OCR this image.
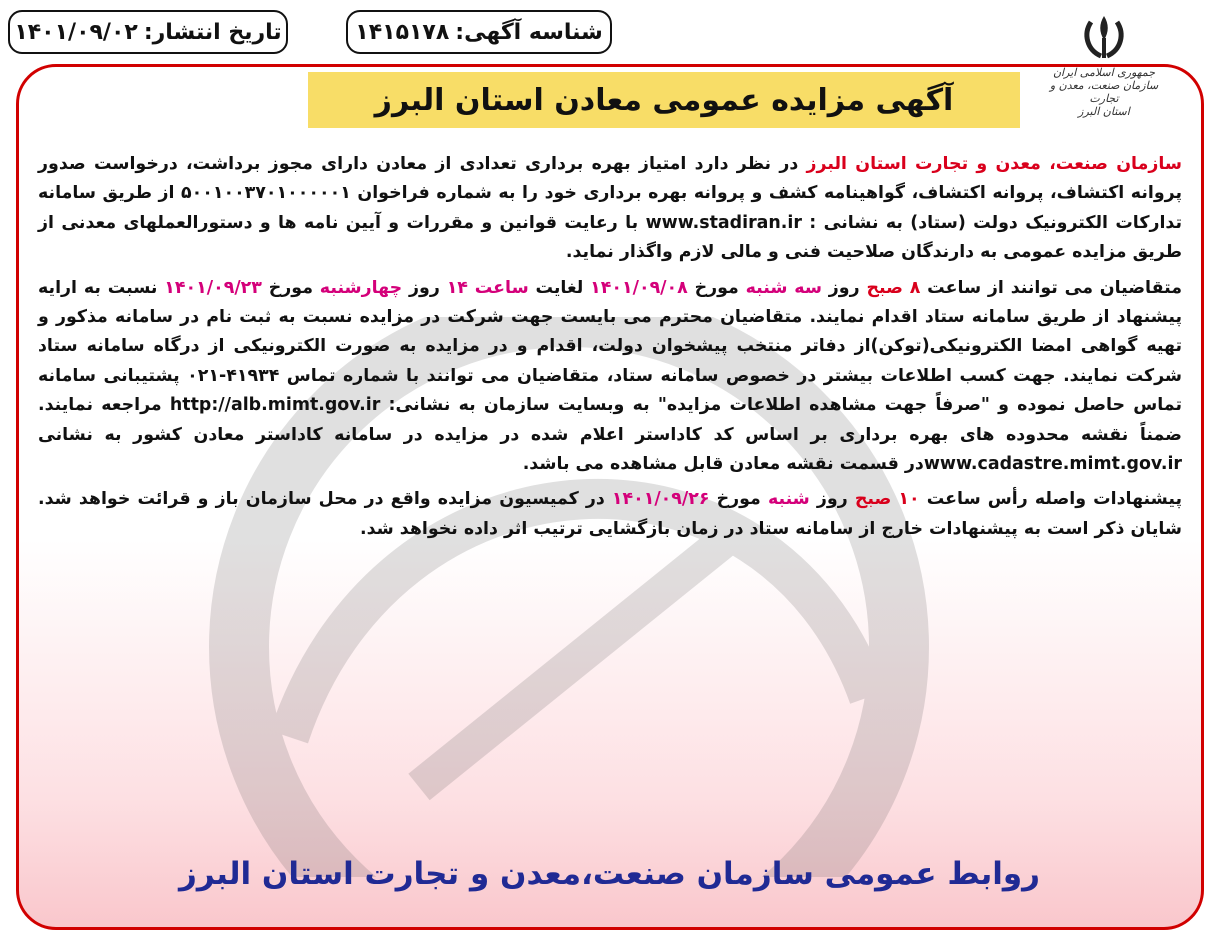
شناسه آگهی:
۱۴۱۵۱۷۸
تاریخ انتشار:
۱۴۰۱/۰۹/۰۲
جمهوری اسلامی ایران
سازمان صنعت، معدن و تجارت
استان البرز
آگهی مزایده عمومی معادن استان البرز

سازمان صنعت، معدن و تجارت استان البرز در نظر دارد امتیاز بهره برداری تعدادی از معادن دارای مجوز برداشت، درخواست صدور پروانه اکتشاف، پروانه اکتشاف، گواهینامه کشف و پروانه بهره برداری خود را به شماره فراخوان ۵۰۰۱۰۰۳۷۰۱۰۰۰۰۰۱ از طریق سامانه تدارکات الکترونیک دولت (ستاد) به نشانی : www.stadiran.ir با رعایت قوانین و مقررات و آیین نامه ها و دستورالعملهای معدنی از طریق مزایده عمومی به دارندگان صلاحیت فنی و مالی لازم واگذار نماید.

متقاضیان می توانند از ساعت ۸ صبح روز سه شنبه مورخ ۱۴۰۱/۰۹/۰۸ لغایت ساعت ۱۴ روز چهارشنبه مورخ ۱۴۰۱/۰۹/۲۳ نسبت به ارایه پیشنهاد از طریق سامانه ستاد اقدام نمایند. متقاضیان محترم می بایست جهت شرکت در مزایده نسبت به ثبت نام در سامانه مذکور و تهیه گواهی امضا الکترونیکی(توکن)از دفاتر منتخب پیشخوان دولت، اقدام و در مزایده به صورت الکترونیکی از درگاه سامانه ستاد شرکت نمایند. جهت کسب اطلاعات بیشتر در خصوص سامانه ستاد، متقاضیان می توانند با شماره تماس ۴۱۹۳۴-۰۲۱ پشتیبانی سامانه تماس حاصل نموده و "صرفاً جهت مشاهده اطلاعات مزایده" به وبسایت سازمان به نشانی: http://alb.mimt.gov.ir مراجعه نمایند. ضمناً نقشه محدوده های بهره برداری بر اساس کد کاداستر اعلام شده در مزایده در سامانه کاداستر معادن کشور به نشانی www.cadastre.mimt.gov.irدر قسمت نقشه معادن قابل مشاهده می باشد.

پیشنهادات واصله رأس ساعت ۱۰ صبح روز شنبه مورخ ۱۴۰۱/۰۹/۲۶ در کمیسیون مزایده واقع در محل سازمان باز و قرائت خواهد شد. شایان ذکر است به پیشنهادات خارج از سامانه ستاد در زمان بازگشایی ترتیب اثر داده نخواهد شد.

روابط عمومی سازمان صنعت،معدن و تجارت استان البرز
